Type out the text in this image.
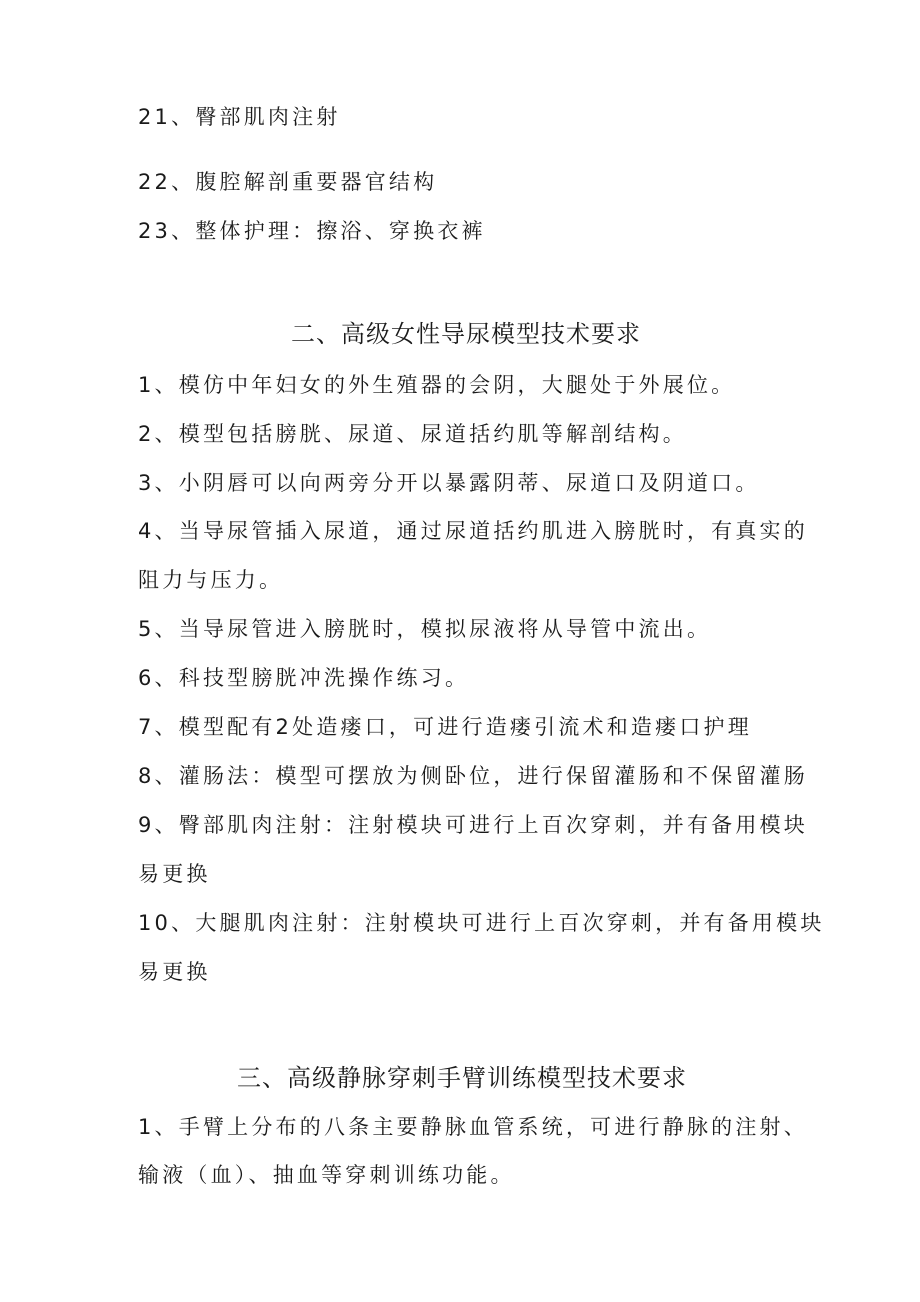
21、臀部肌肉注射
22、腹腔解剖重要器官结构
23、整体护理：擦浴、穿换衣裤
二、高级女性导尿模型技术要求
1、模仿中年妇女的外生殖器的会阴，大腿处于外展位。
2、模型包括膀胱、尿道、尿道括约肌等解剖结构。
3、小阴唇可以向两旁分开以暴露阴蒂、尿道口及阴道口。
4、当导尿管插入尿道，通过尿道括约肌进入膀胱时，有真实的
阻力与压力。
5、当导尿管进入膀胱时，模拟尿液将从导管中流出。
6、科技型膀胱冲洗操作练习。
7、模型配有2处造瘘口，可进行造瘘引流术和造瘘口护理
8、灌肠法：模型可摆放为侧卧位，进行保留灌肠和不保留灌肠
9、臀部肌肉注射：注射模块可进行上百次穿刺，并有备用模块
易更换
10、大腿肌肉注射：注射模块可进行上百次穿刺，并有备用模块
易更换
三、高级静脉穿刺手臂训练模型技术要求
1、手臂上分布的八条主要静脉血管系统，可进行静脉的注射、
输液（血）、抽血等穿刺训练功能。
